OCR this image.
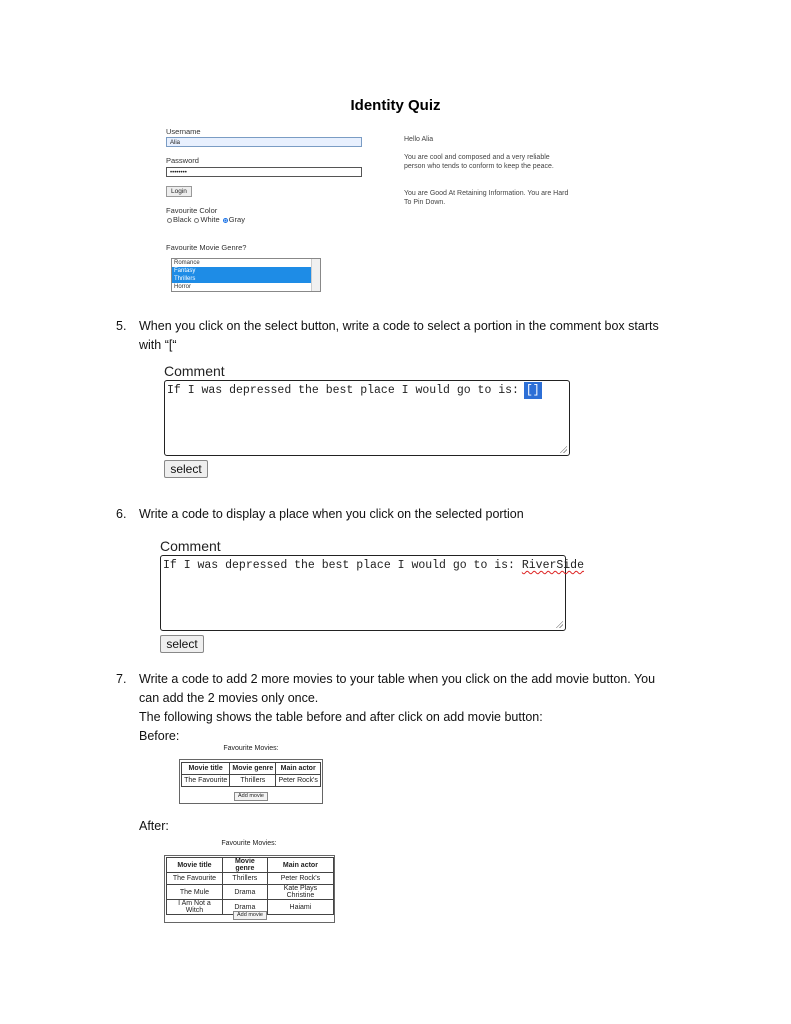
Identity Quiz
Username
Alia
Password
••••••••
Login
Favourite Color
Black White Gray
Favourite Movie Genre?
Romance
Fantasy
Thrillers
Horror
Hello Alia
You are cool and composed and a very reliable person who tends to conform to keep the peace.
You are Good At Retaining Information. You are Hard To Pin Down.
5.	When you click on the select button, write a code to select a portion in the comment box starts
with “[“
Comment
If I was depressed the best place I would go to is: []
select
6.	Write a code to display a place when you click on the selected portion
Comment
If I was depressed the best place I would go to is: RiverSide
select
7.	Write a code to add 2 more movies to your table when you click on the add movie button. You
can add the 2 movies only once.
The following shows the table before and after click on add movie button:
Before:
Favourite Movies:
Movie title	Movie genre	Main actor
The Favourite	Thrillers	Peter Rock's
Add movie
After:
Favourite Movies:
Movie title	Movie genre	Main actor
The Favourite	Thrillers	Peter Rock's
The Mule	Drama	Kate Plays Christine
I Am Not a Witch	Drama	Haiami
Add movie
